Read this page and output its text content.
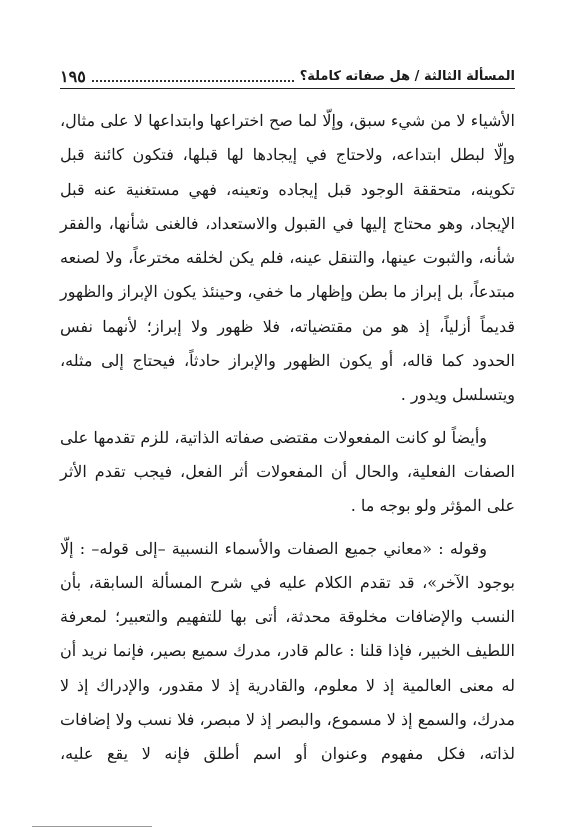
١٩٥	المسألة الثالثة / هل صفاته كاملة؟

الأشياء لا من شيء سبق، وإلّا لما صح اختراعها وابتداعها لا على مثال، وإلّا لبطل ابتداعه، ولاحتاج في إيجادها لها قبلها، فتكون كائنة قبل تكوينه، متحققة الوجود قبل إيجاده وتعينه، فهي مستغنية عنه قبل الإيجاد، وهو محتاج إليها في القبول والاستعداد، فالغنى شأنها، والفقر شأنه، والثبوت عينها، والتنقل عينه، فلم يكن لخلقه مخترعاً، ولا لصنعه مبتدعاً، بل إبراز ما بطن وإظهار ما خفي، وحينئذ يكون الإبراز والظهور قديماً أزلياً، إذ هو من مقتضياته، فلا ظهور ولا إبراز؛ لأنهما نفس الحدود كما قاله، أو يكون الظهور والإبراز حادثاً، فيحتاج إلى مثله، ويتسلسل ويدور .

وأيضاً لو كانت المفعولات مقتضى صفاته الذاتية، للزم تقدمها على الصفات الفعلية، والحال أن المفعولات أثر الفعل، فيجب تقدم الأثر على المؤثر ولو بوجه ما .

وقوله : «معاني جميع الصفات والأسماء النسبية –إلى قوله– : إلّا بوجود الآخر»، قد تقدم الكلام عليه في شرح المسألة السابقة، بأن النسب والإضافات مخلوقة محدثة، أتى بها للتفهيم والتعبير؛ لمعرفة اللطيف الخبير، فإذا قلنا : عالم قادر، مدرك سميع بصير، فإنما نريد أن له معنى العالمية إذ لا معلوم، والقادرية إذ لا مقدور، والإدراك إذ لا مدرك، والسمع إذ لا مسموع، والبصر إذ لا مبصر، فلا نسب ولا إضافات لذاته، فكل مفهوم وعنوان أو اسم أطلق فإنه لا يقع عليه،
